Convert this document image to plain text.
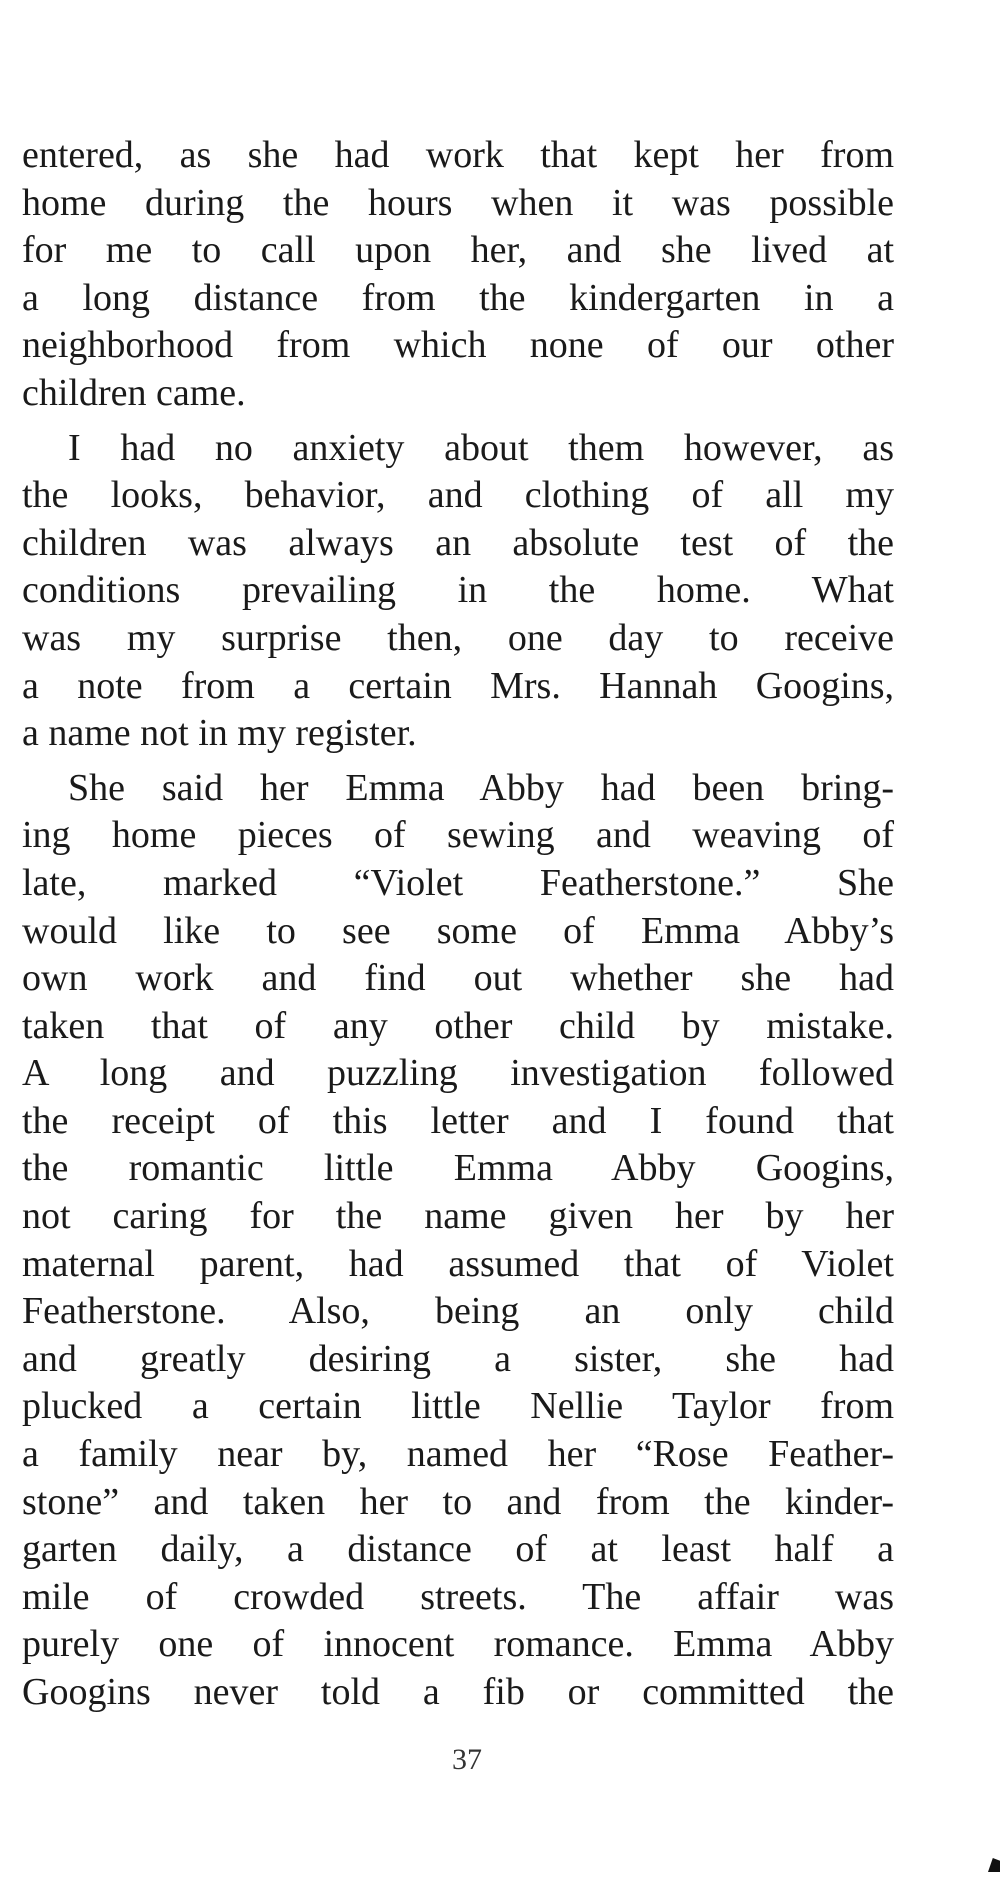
entered, as she had work that kept her from
home during the hours when it was possible
for me to call upon her, and she lived at
a long distance from the kindergarten in a
neighborhood from which none of our other
children came.
I had no anxiety about them however, as
the looks, behavior, and clothing of all my
children was always an absolute test of the
conditions prevailing in the home. What
was my surprise then, one day to receive
a note from a certain Mrs. Hannah Googins,
a name not in my register.
She said her Emma Abby had been bring-
ing home pieces of sewing and weaving of
late, marked “Violet Featherstone.” She
would like to see some of Emma Abby’s
own work and find out whether she had
taken that of any other child by mistake.
A long and puzzling investigation followed
the receipt of this letter and I found that
the romantic little Emma Abby Googins,
not caring for the name given her by her
maternal parent, had assumed that of Violet
Featherstone. Also, being an only child
and greatly desiring a sister, she had
plucked a certain little Nellie Taylor from
a family near by, named her “Rose Feather-
stone” and taken her to and from the kinder-
garten daily, a distance of at least half a
mile of crowded streets. The affair was
purely one of innocent romance. Emma Abby
Googins never told a fib or committed the
37
